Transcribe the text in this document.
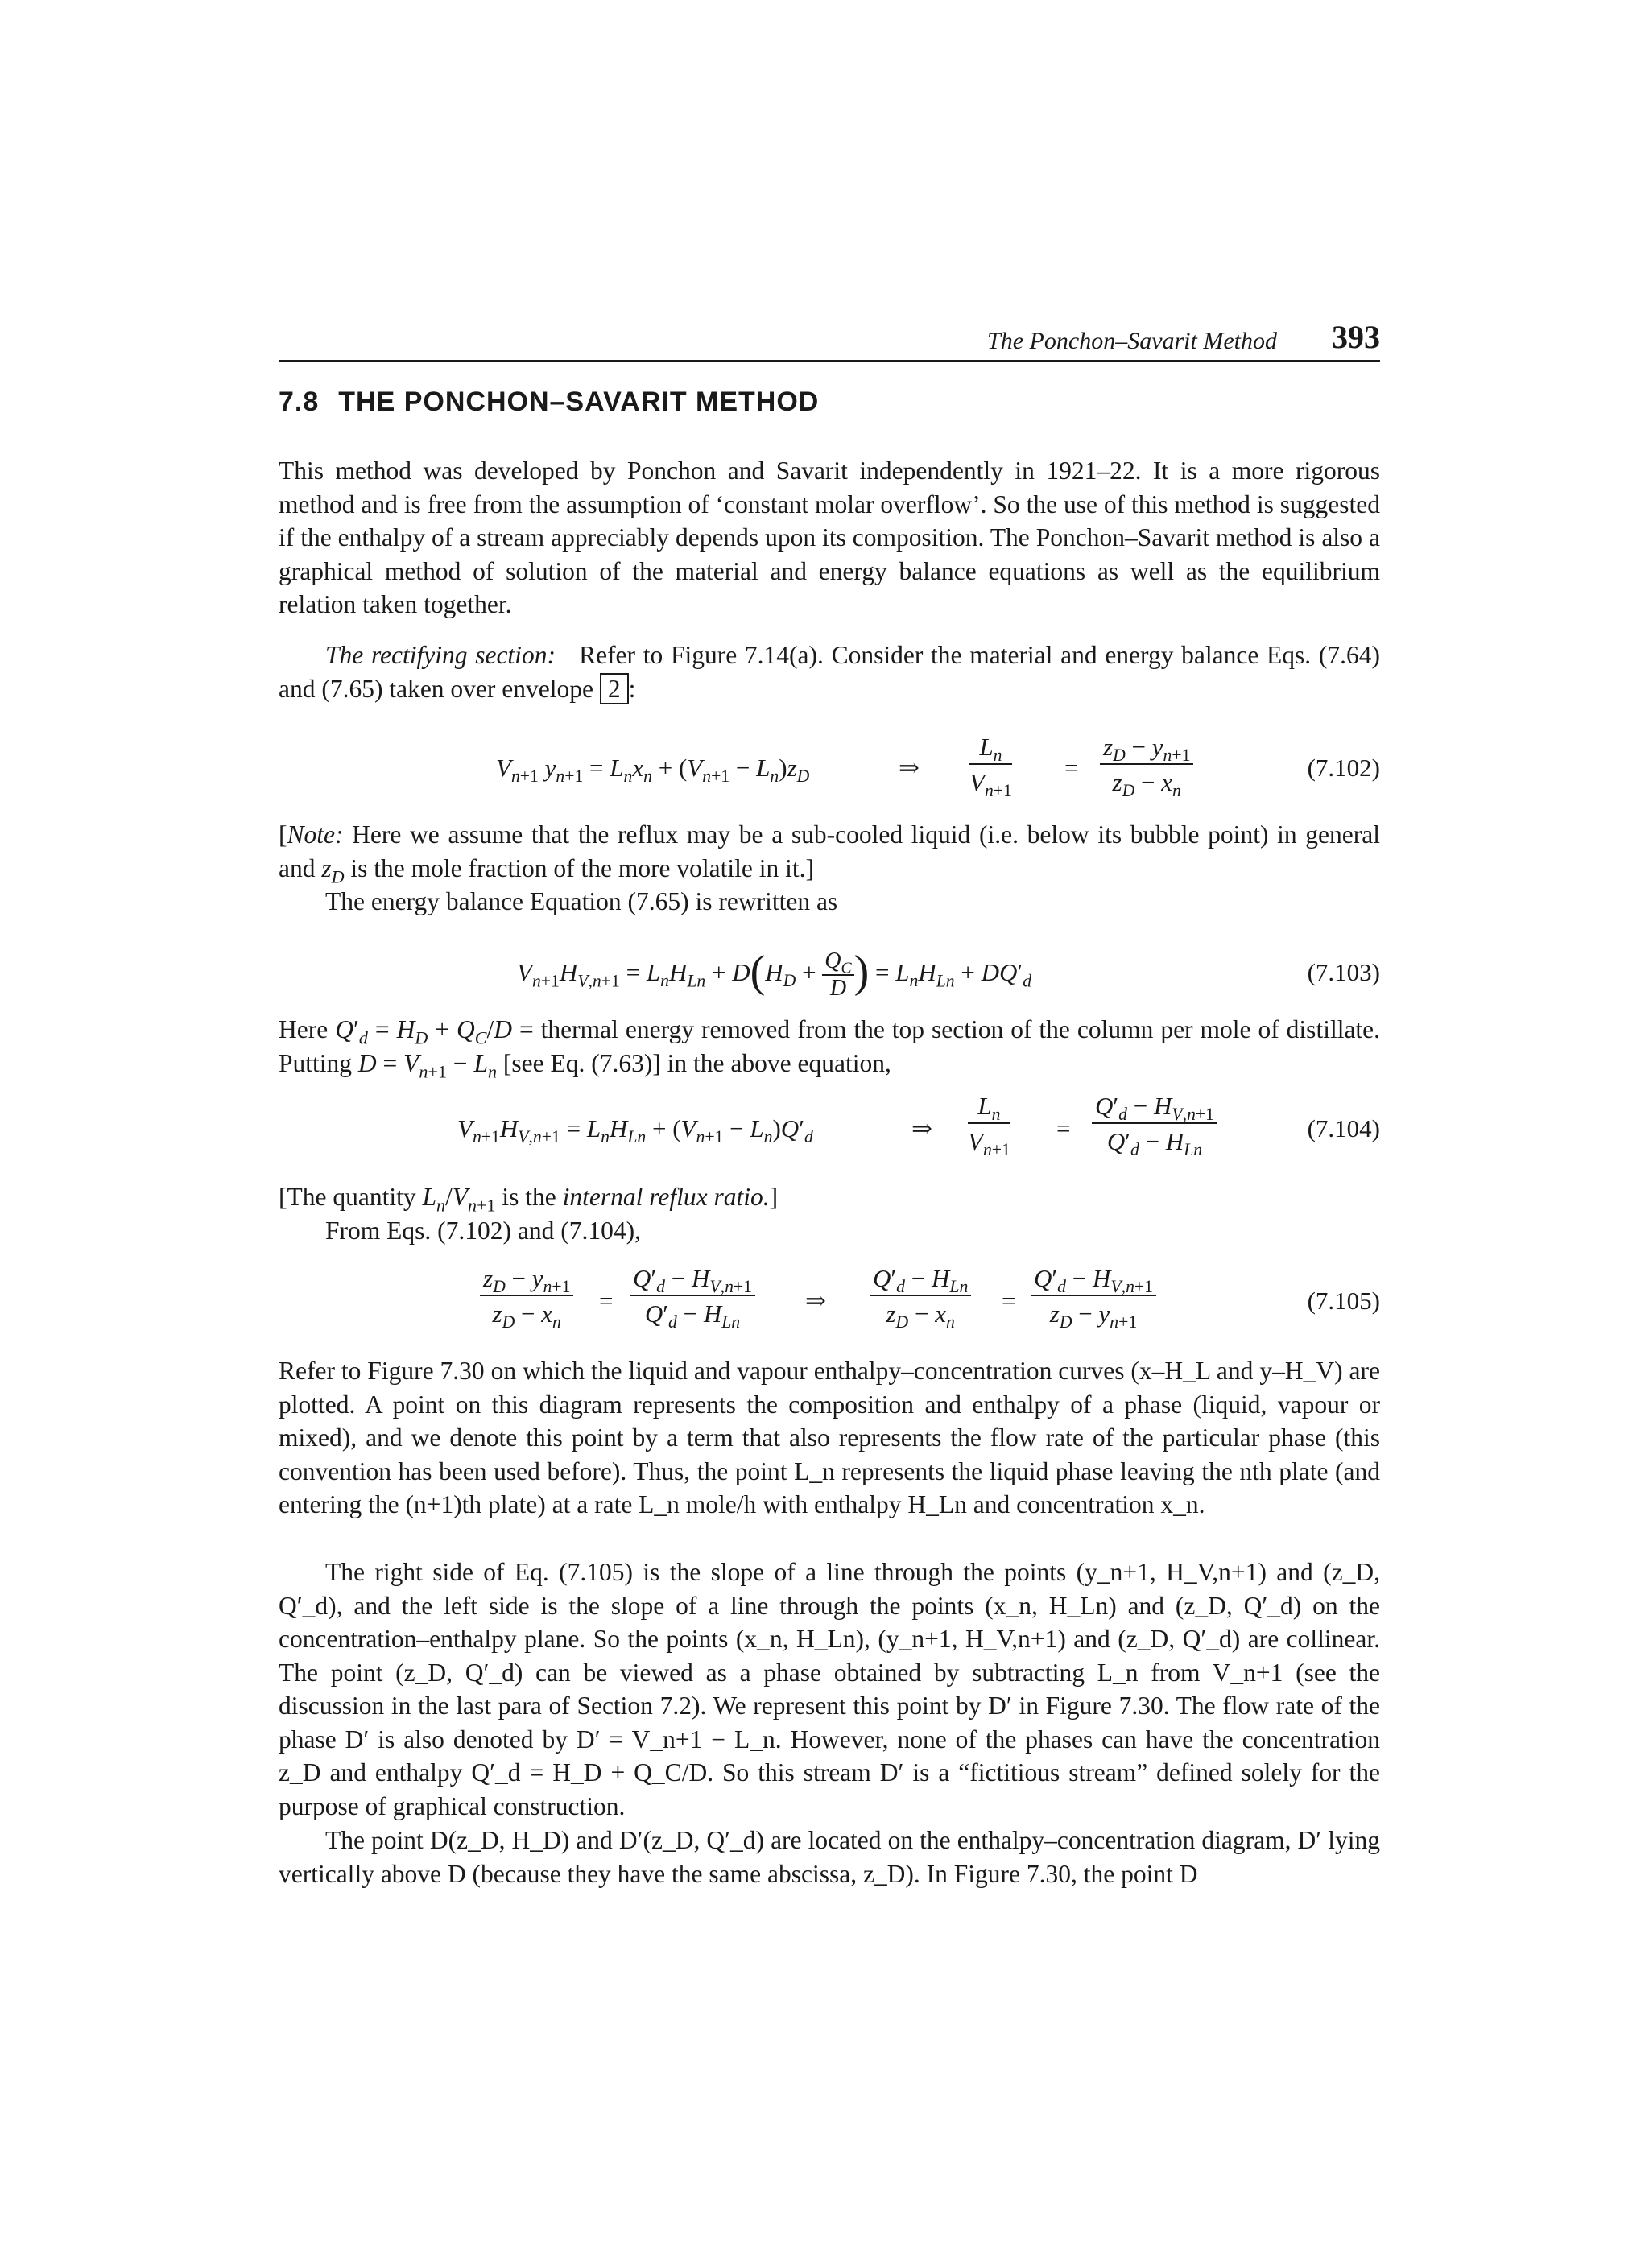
The Ponchon–Savarit Method 393
7.8 THE PONCHON–SAVARIT METHOD

This method was developed by Ponchon and Savarit independently in 1921–22. It is a more rigorous method and is free from the assumption of ‘constant molar overflow’. So the use of this method is suggested if the enthalpy of a stream appreciably depends upon its composition. The Ponchon–Savarit method is also a graphical method of solution of the material and energy balance equations as well as the equilibrium relation taken together.

The rectifying section: Refer to Figure 7.14(a). Consider the material and energy balance Eqs. (7.64) and (7.65) taken over envelope 2 :

$V_{n+1}$ $y_{n+1} = L_nx_n + (V_{n+1} - L_n)z_D$	⇒ $\frac{L_n}{V_{n+1}} = \frac{z_D - y_{n+1}}{z_D - x_n}$	(7.102)

[Note: Here we assume that the reflux may be a sub-cooled liquid (i.e. below its bubble point) in general and $z_D$ is the mole fraction of the more volatile in it.]

The energy balance Equation (7.65) is rewritten as

$V_{n+1}H_{V,n+1} = L_nH_{Ln} + D(H_D + \frac{Q_C}{D}$ ) = $L_nH_{Ln} + DQ'_d$	(7.103)

Here $Q'_d = H_D + Q_C/D$ = thermal energy removed from the top section of the column per mole of distillate. Putting $D = V_{n+1} - L_n$ [see Eq. (7.63)] in the above equation,

$V_{n+1}H_{V,n+1} = L_nH_{Ln} + (V_{n+1} - L_n)Q'_d$	⇒ $\frac{L_n}{V_{n+1}}$ =
$Q'_d - H_{V,n+1}$
$Q'_d - H_{Ln}$
(7.104)

[The quantity $L_n/V_{n+1}$ is the internal reflux ratio.]

From Eqs. (7.102) and (7.104),

$\frac{z_D - y_{n+1}}{z_D - x_n}$ =
$Q'_d - H_{V,n+1}$
$Q'_d - H_{Ln}$
⇒
$Q'_d - H_{Ln}$
$z_D - x_n$
= $\frac{Q'_d - H_{V,n+1}}{z_D - y_{n+1}}$	(7.105)

Refer to Figure 7.30 on which the liquid and vapour enthalpy–concentration curves (x–H_L and y–H_V) are plotted. A point on this diagram represents the composition and enthalpy of a phase (liquid, vapour or mixed), and we denote this point by a term that also represents the flow rate of the particular phase (this convention has been used before). Thus, the point L_n represents the liquid phase leaving the nth plate (and entering the (n+1)th plate) at a rate L_n mole/h with enthalpy H_Ln and concentration x_n.

The right side of Eq. (7.105) is the slope of a line through the points (y_n+1, H_V,n+1) and (z_D, Q′_d), and the left side is the slope of a line through the points (x_n, H_Ln) and (z_D, Q′_d) on the concentration–enthalpy plane. So the points (x_n, H_Ln), (y_n+1, H_V,n+1) and (z_D, Q′_d) are collinear. The point (z_D, Q′_d) can be viewed as a phase obtained by subtracting L_n from V_n+1 (see the discussion in the last para of Section 7.2). We represent this point by D′ in Figure 7.30. The flow rate of the phase D′ is also denoted by D′ = V_n+1 − L_n. However, none of the phases can have the concentration z_D and enthalpy Q′_d = H_D + Q_C/D. So this stream D′ is a “fictitious stream” defined solely for the purpose of graphical construction.

The point D(z_D, H_D) and D′(z_D, Q′_d) are located on the enthalpy–concentration diagram, D′ lying vertically above D (because they have the same abscissa, z_D). In Figure 7.30, the point D
